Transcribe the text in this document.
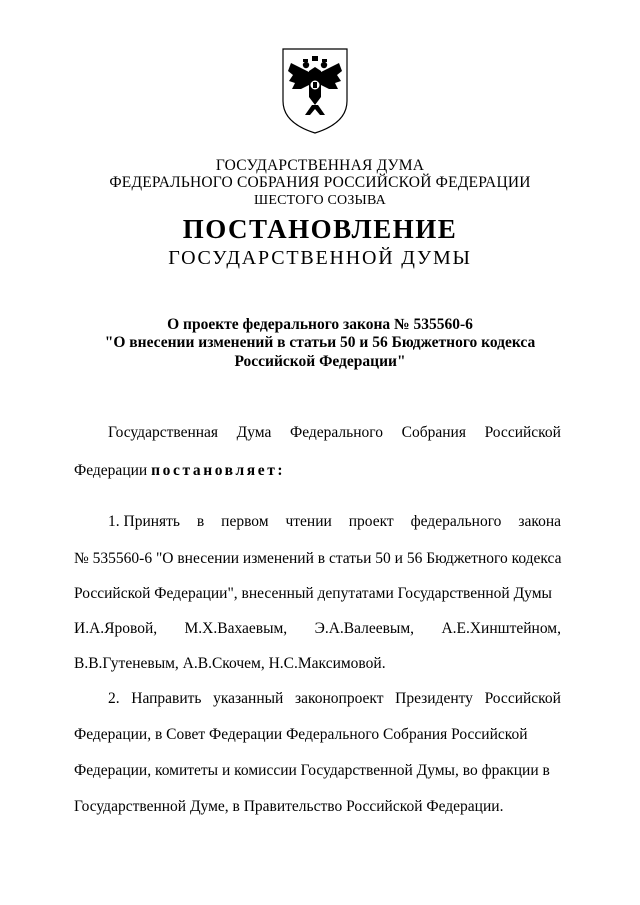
ГОСУДАРСТВЕННАЯ ДУМА
ФЕДЕРАЛЬНОГО СОБРАНИЯ РОССИЙСКОЙ ФЕДЕРАЦИИ
ШЕСТОГО СОЗЫВА
ПОСТАНОВЛЕНИЕ
ГОСУДАРСТВЕННОЙ ДУМЫ
О проекте федерального закона № 535560-6
"О внесении изменений в статьи 50 и 56 Бюджетного кодекса
Российской Федерации"
Государственная Дума Федерального Собрания Российской
Федерации постановляет:
1. Принять в первом чтении проект федерального закона
№ 535560-6 "О внесении изменений в статьи 50 и 56 Бюджетного кодекса
Российской Федерации", внесенный депутатами Государственной Думы
И.А.Яровой, М.Х.Вахаевым, Э.А.Валеевым, А.Е.Хинштейном,
В.В.Гутеневым, А.В.Скочем, Н.С.Максимовой.
2. Направить указанный законопроект Президенту Российской
Федерации, в Совет Федерации Федерального Собрания Российской
Федерации, комитеты и комиссии Государственной Думы, во фракции в
Государственной Думе, в Правительство Российской Федерации.
